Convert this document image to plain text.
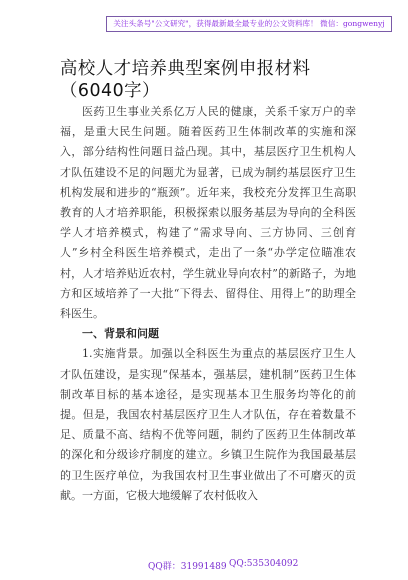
关注头条号"公文研究"，获得最新最全最专业的公文资料库！ 微信：gongwenyj
高校人才培养典型案例申报材料（6040字）

医药卫生事业关系亿万人民的健康，关系千家万户的幸福，是重大民生问题。随着医药卫生体制改革的实施和深入，部分结构性问题日益凸现。其中，基层医疗卫生机构人才队伍建设不足的问题尤为显著，已成为制约基层医疗卫生机构发展和进步的“瓶颈”。近年来，我校充分发挥卫生高职教育的人才培养职能，积极探索以服务基层为导向的全科医学人才培养模式，构建了“需求导向、三方协同、三创育人”乡村全科医生培养模式，走出了一条“办学定位瞄准农村，人才培养贴近农村，学生就业导向农村”的新路子，为地方和区域培养了一大批“下得去、留得住、用得上”的助理全科医生。

一、背景和问题

1.实施背景。加强以全科医生为重点的基层医疗卫生人才队伍建设，是实现“保基本，强基层，建机制”医药卫生体制改革目标的基本途径，是实现基本卫生服务均等化的前提。但是，我国农村基层医疗卫生人才队伍，存在着数量不足、质量不高、结构不优等问题，制约了医药卫生体制改革的深化和分级诊疗制度的建立。乡镇卫生院作为我国最基层的卫生医疗单位，为我国农村卫生事业做出了不可磨灭的贡献。一方面，它极大地缓解了农村低收入

QQ群：31991489 QQ:535304092
